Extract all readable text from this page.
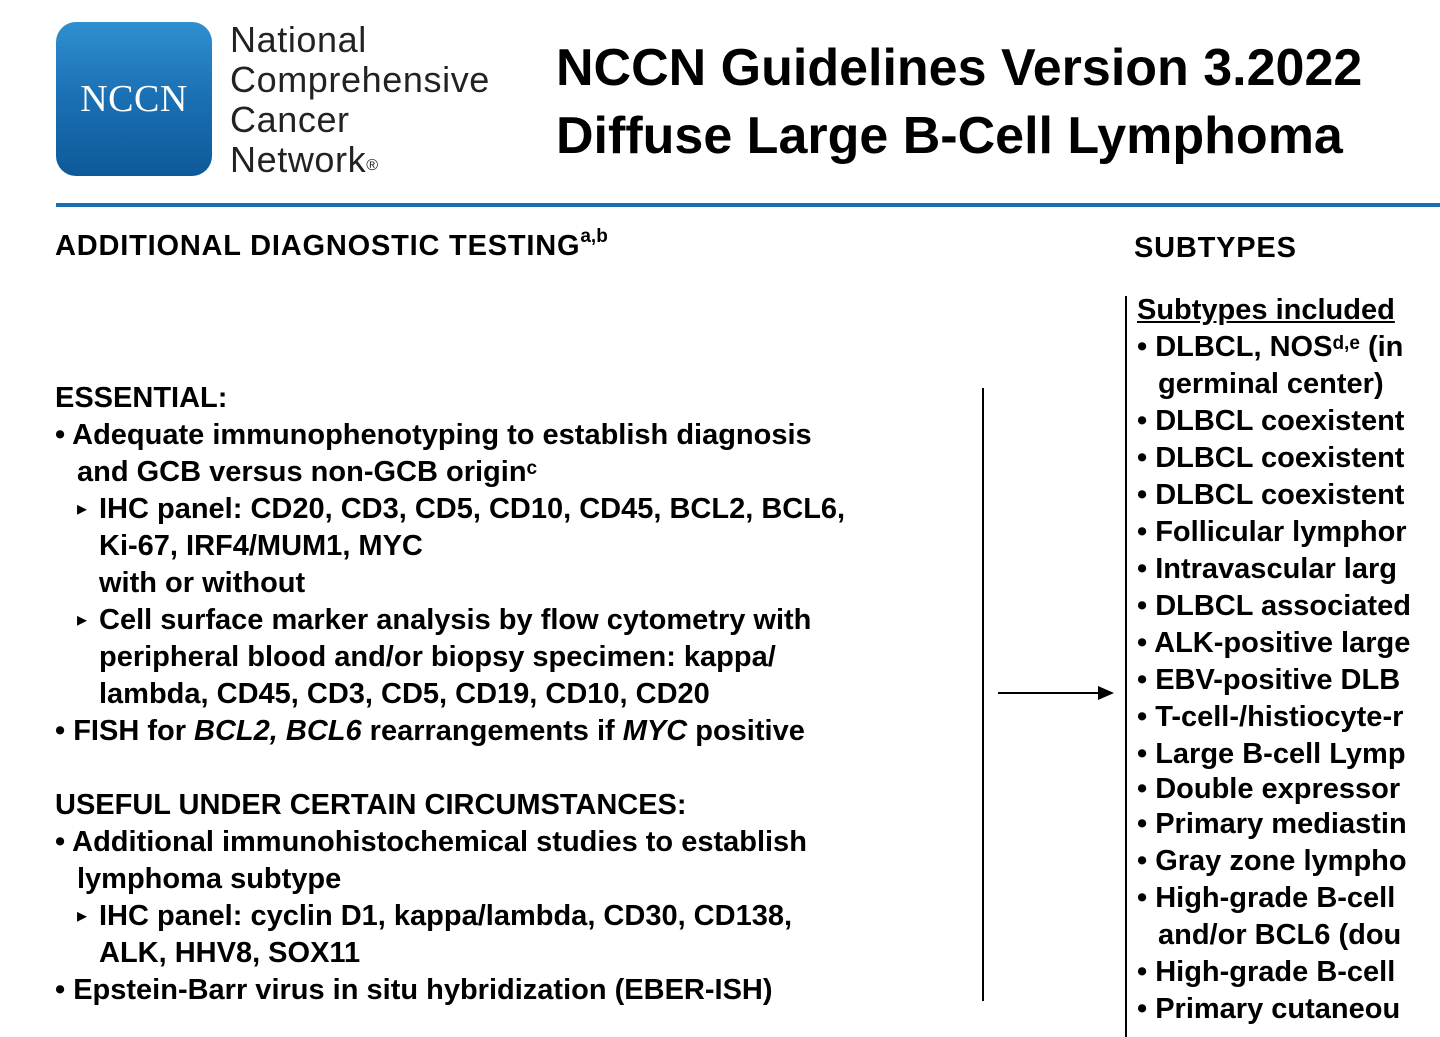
NCCN
National
Comprehensive
Cancer
Network®
NCCN Guidelines Version 3.2022
Diffuse Large B-Cell Lymphoma
ADDITIONAL DIAGNOSTIC TESTING$^{a,b}$	SUBTYPES
ESSENTIAL:
• Adequate immunophenotyping to establish diagnosis
and GCB versus non-GCB origin$^c$
▸ IHC panel: CD20, CD3, CD5, CD10, CD45, BCL2, BCL6,
Ki-67, IRF4/MUM1, MYC
with or without
▸ Cell surface marker analysis by flow cytometry with
peripheral blood and/or biopsy specimen: kappa/
lambda, CD45, CD3, CD5, CD19, CD10, CD20
• FISH for BCL2, BCL6 rearrangements if MYC positive
USEFUL UNDER CERTAIN CIRCUMSTANCES:
• Additional immunohistochemical studies to establish
lymphoma subtype
▸ IHC panel: cyclin D1, kappa/lambda, CD30, CD138,
ALK, HHV8, SOX11
• Epstein-Barr virus in situ hybridization (EBER-ISH)
Subtypes included
• DLBCL, NOS$^{d,e}$ (in
germinal center)
• DLBCL coexistent
• DLBCL coexistent
• DLBCL coexistent
• Follicular lymphor
• Intravascular larg
• DLBCL associated
• ALK-positive large
• EBV-positive DLB
• T-cell-/histiocyte-r
• Large B-cell Lymp
• Double expressor
• Primary mediastin
• Gray zone lympho
• High-grade B-cell
and/or BCL6 (dou
• High-grade B-cell
• Primary cutaneou
